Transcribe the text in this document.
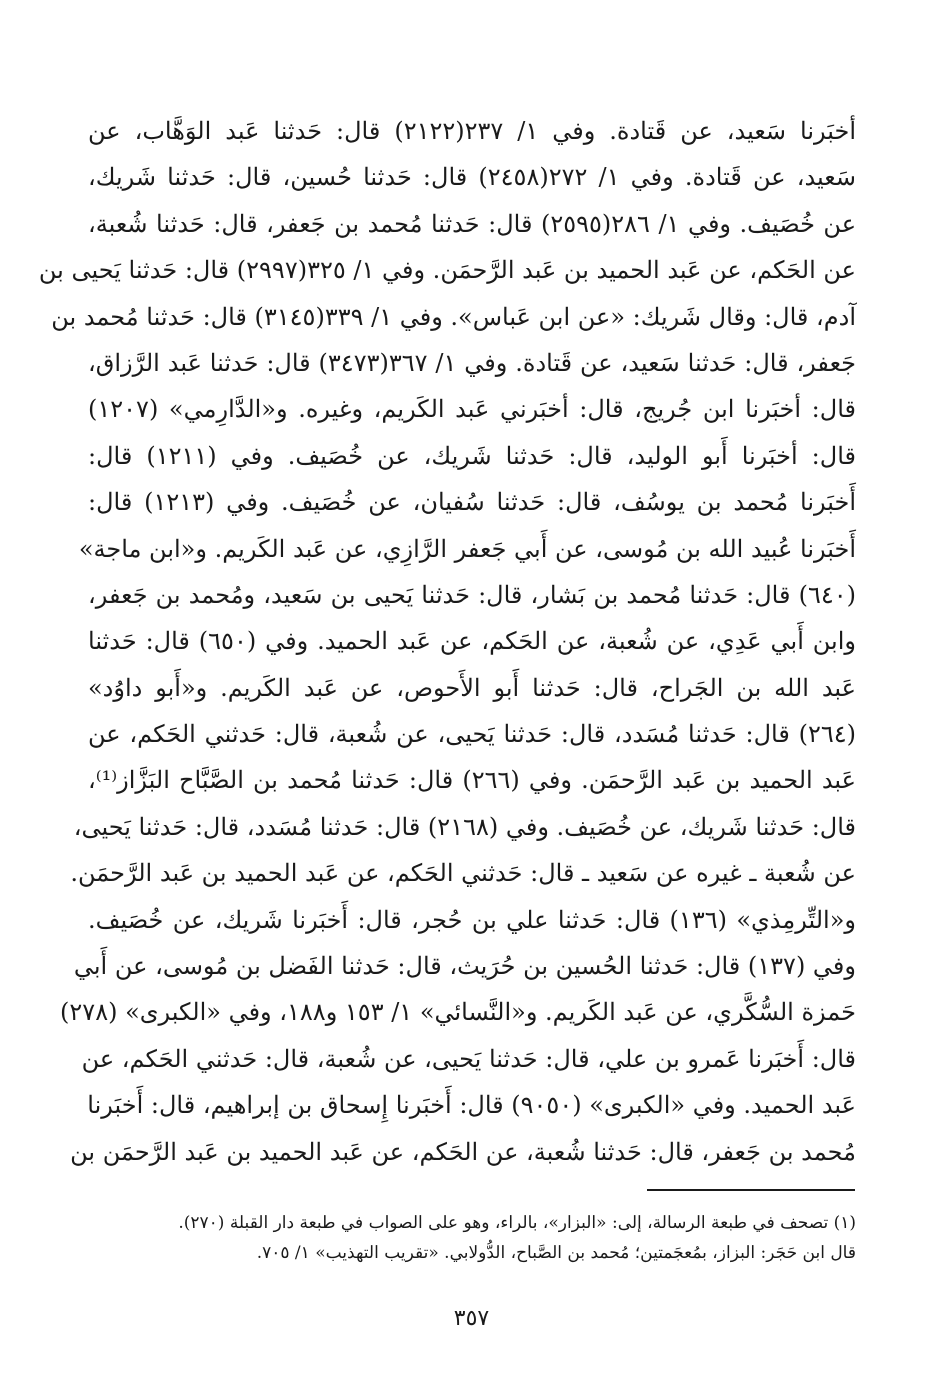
أخبَرنا سَعيد، عن قَتادة. وفي ١/ ٢٣٧(٢١٢٢) قال: حَدثنا عَبد الوَهَّاب، عن
سَعيد، عن قَتادة. وفي ١/ ٢٧٢(٢٤٥٨) قال: حَدثنا حُسين، قال: حَدثنا شَريك،
عن خُصَيف. وفي ١/ ٢٨٦(٢٥٩٥) قال: حَدثنا مُحمد بن جَعفر، قال: حَدثنا شُعبة،
عن الحَكم، عن عَبد الحميد بن عَبد الرَّحمَن. وفي ١/ ٣٢٥(٢٩٩٧) قال: حَدثنا يَحيى بن
آدم، قال: وقال شَريك: «عن ابن عَباس». وفي ١/ ٣٣٩(٣١٤٥) قال: حَدثنا مُحمد بن
جَعفر، قال: حَدثنا سَعيد، عن قَتادة. وفي ١/ ٣٦٧(٣٤٧٣) قال: حَدثنا عَبد الرَّزاق،
قال: أخبَرنا ابن جُريج، قال: أخبَرني عَبد الكَريم، وغيره. و«الدَّارِمي» (١٢٠٧)
قال: أخبَرنا أَبو الوليد، قال: حَدثنا شَريك، عن خُصَيف. وفي (١٢١١) قال:
أَخبَرنا مُحمد بن يوسُف، قال: حَدثنا سُفيان، عن خُصَيف. وفي (١٢١٣) قال:
أَخبَرنا عُبيد الله بن مُوسى، عن أَبي جَعفر الرَّازِي، عن عَبد الكَريم. و«ابن ماجة»
(٦٤٠) قال: حَدثنا مُحمد بن بَشار، قال: حَدثنا يَحيى بن سَعيد، ومُحمد بن جَعفر،
وابن أَبي عَدِي، عن شُعبة، عن الحَكم، عن عَبد الحميد. وفي (٦٥٠) قال: حَدثنا
عَبد الله بن الجَراح، قال: حَدثنا أَبو الأَحوص، عن عَبد الكَريم. و«أَبو داوُد»
(٢٦٤) قال: حَدثنا مُسَدد، قال: حَدثنا يَحيى، عن شُعبة، قال: حَدثني الحَكم، عن
عَبد الحميد بن عَبد الرَّحمَن. وفي (٢٦٦) قال: حَدثنا مُحمد بن الصَّبَّاح البَزَّاز⁽¹⁾،
قال: حَدثنا شَريك، عن خُصَيف. وفي (٢١٦٨) قال: حَدثنا مُسَدد، قال: حَدثنا يَحيى،
عن شُعبة ـ غيره عن سَعيد ـ قال: حَدثني الحَكم، عن عَبد الحميد بن عَبد الرَّحمَن.
و«التِّرمِذي» (١٣٦) قال: حَدثنا علي بن حُجر، قال: أَخبَرنا شَريك، عن خُصَيف.
وفي (١٣٧) قال: حَدثنا الحُسين بن حُرَيث، قال: حَدثنا الفَضل بن مُوسى، عن أَبي
حَمزة السُّكَّري، عن عَبد الكَريم. و«النَّسائي» ١/ ١٥٣ و١٨٨، وفي «الكبرى» (٢٧٨)
قال: أَخبَرنا عَمرو بن علي، قال: حَدثنا يَحيى، عن شُعبة، قال: حَدثني الحَكم، عن
عَبد الحميد. وفي «الكبرى» (٩٠٥٠) قال: أَخبَرنا إِسحاق بن إبراهيم، قال: أَخبَرنا
مُحمد بن جَعفر، قال: حَدثنا شُعبة، عن الحَكم، عن عَبد الحميد بن عَبد الرَّحمَن بن
(١) تصحف في طبعة الرسالة، إلى: «البزار»، بالراء، وهو على الصواب في طبعة دار القبلة (٢٧٠).
قال ابن حَجَر: البزاز، بمُعجَمتين؛ مُحمد بن الصَّباح، الدُّولابي. «تقريب التهذيب» ١/ ٧٠٥.
٣٥٧
